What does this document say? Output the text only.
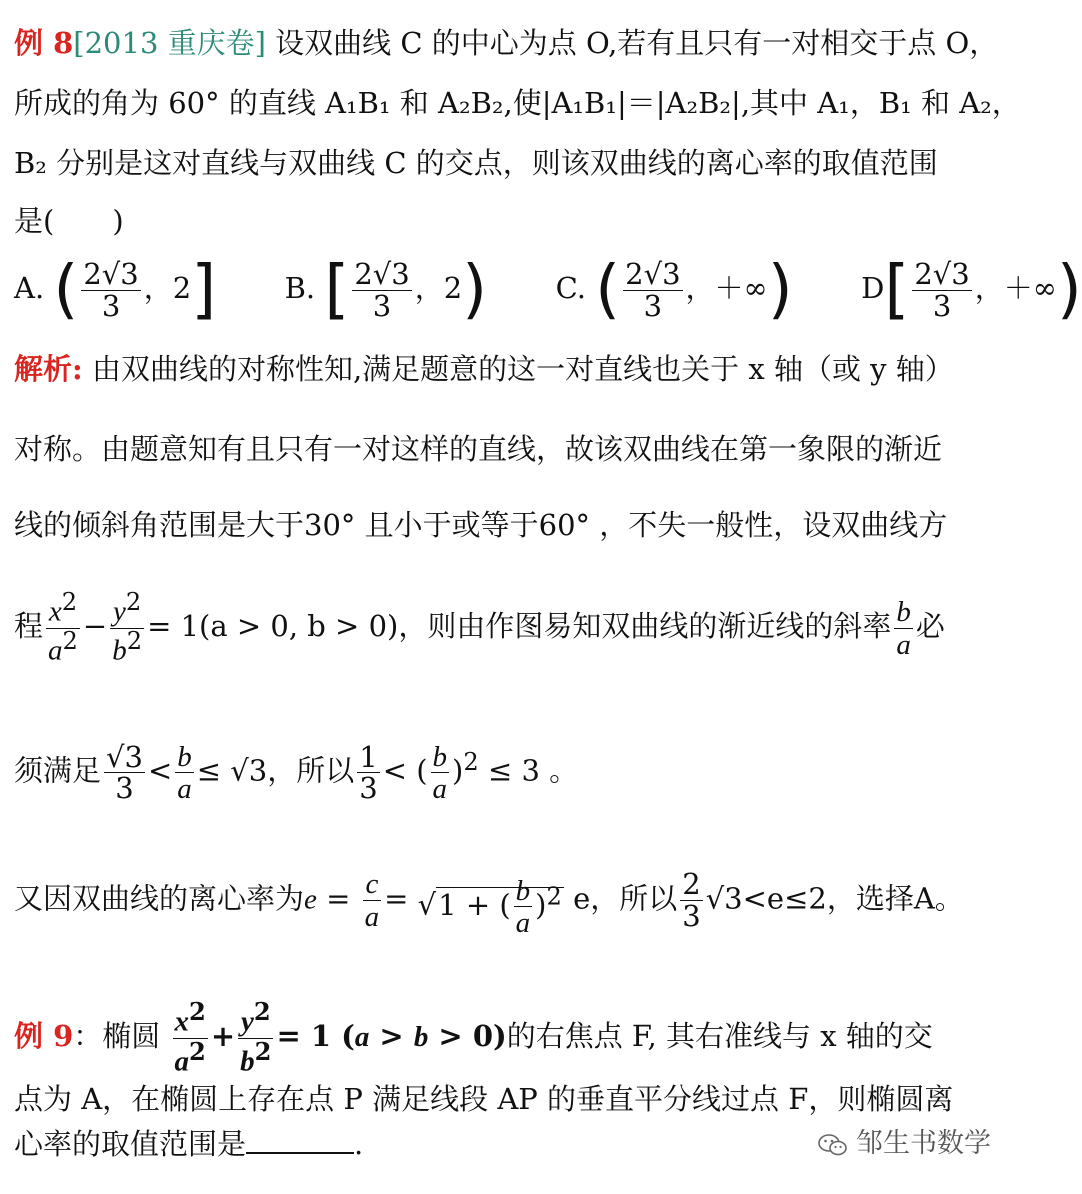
例 8[2013 重庆卷] 设双曲线 C 的中心为点 O,若有且只有一对相交于点 O，
所成的角为 60° 的直线 A₁B₁ 和 A₂B₂,使|A₁B₁|＝|A₂B₂|,其中 A₁，B₁ 和 A₂，
B₂ 分别是这对直线与双曲线 C 的交点，则该双曲线的离心率的取值范围
是(　　)
A. ( $\frac{2√3}{3}$ ，2] B. [ $\frac{2√3}{3}$ ，2) C. ( $\frac{2√3}{3}$ ，＋∞) $D[ \frac{2√3}{3}$ ，＋∞)
解析: 由双曲线的对称性知,满足题意的这一对直线也关于 x 轴（或 y 轴）
对称。由题意知有且只有一对这样的直线，故该双曲线在第一象限的渐近
线的倾斜角范围是大于30° 且小于或等于60° ，不失一般性，设双曲线方
程 $\frac{x^2}{a^2} - \frac{y^2}{b^2} = 1(a > 0$, b > 0)，则由作图易知双曲线的渐近线的斜率 $\frac{b}{a}$ 必
须满足 $\frac{√3}{3} < \frac{b}{a} \le √3$，所以 $\frac{1}{3}$ < ( $\frac{b}{a} )^2 \le 3$ 。
又因双曲线的离心率为$e = \frac{c}{a} = √1$ + ( $\frac{b}{a} )^2$ e，所以 $\frac{2}{3} √3<e\le 2$，选择A。
例 9：椭圆 $\frac{x^2}{a^2} + \frac{y^2}{b^2} = 1$ (a > b > 0)的右焦点 F, 其右准线与 x 轴的交
点为 A，在椭圆上存在点 P 满足线段 AP 的垂直平分线过点 F，则椭圆离
心率的取值范围是	.	邹生书数学
